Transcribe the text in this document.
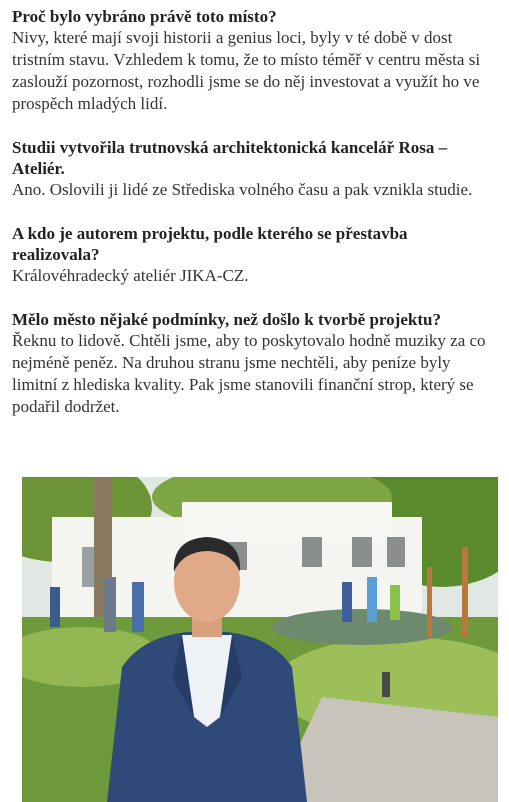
Proč bylo vybráno právě toto místo?

Nivy, které mají svoji historii a genius loci, byly v té době v dost tristním stavu. Vzhledem k tomu, že to místo téměř v centru města si zaslouží pozornost, rozhodli jsme se do něj investovat a využít ho ve prospěch mladých lidí.

Studii vytvořila trutnovská architektonická kancelář Rosa – Ateliér.

Ano. Oslovili ji lidé ze Střediska volného času a pak vznikla studie.

A kdo je autorem projektu, podle kterého se přestavba realizovala?

Královéhradecký ateliér JIKA-CZ.

Mělo město nějaké podmínky, než došlo k tvorbě projektu?

Řeknu to lidově. Chtěli jsme, aby to poskytovalo hodně muziky za co nejméně peněz. Na druhou stranu jsme nechtěli, aby peníze byly limitní z hlediska kvality. Pak jsme stanovili finanční strop, který se podařil dodržet.
